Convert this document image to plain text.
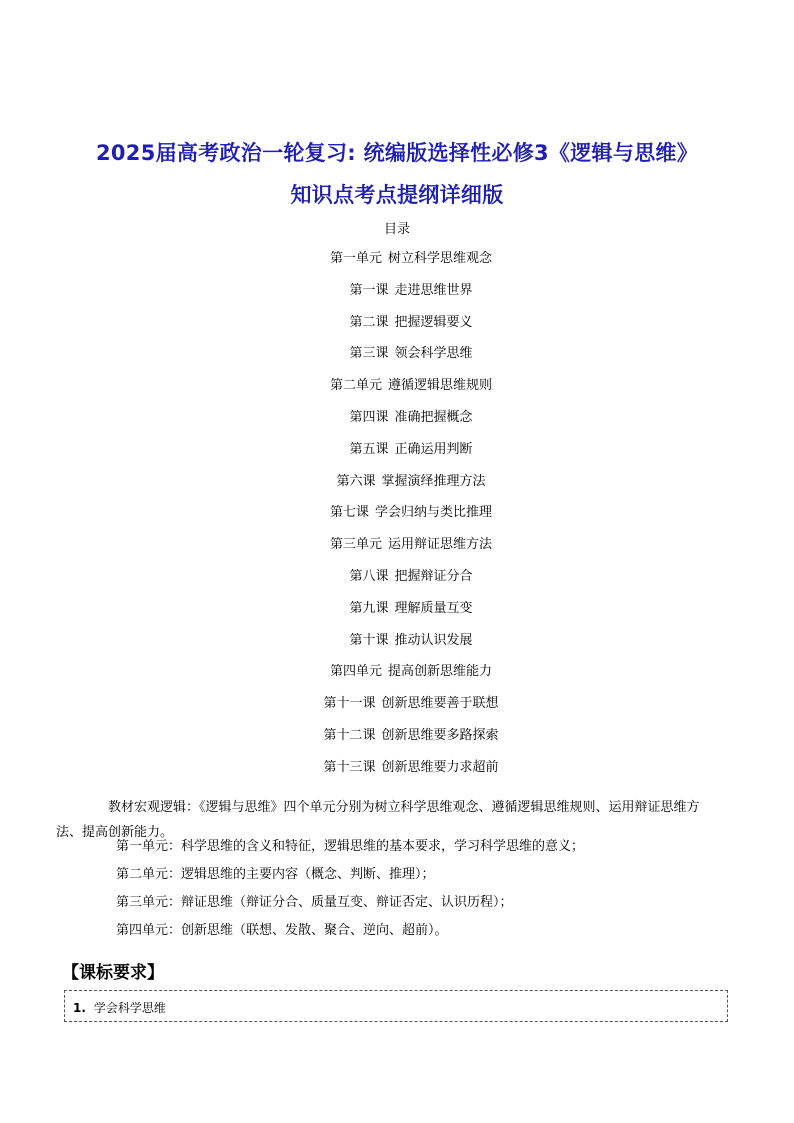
2025届高考政治一轮复习: 统编版选择性必修3《逻辑与思维》
知识点考点提纲详细版
目录
第一单元 树立科学思维观念
第一课 走进思维世界
第二课 把握逻辑要义
第三课 领会科学思维
第二单元 遵循逻辑思维规则
第四课 准确把握概念
第五课 正确运用判断
第六课 掌握演绎推理方法
第七课 学会归纳与类比推理
第三单元 运用辩证思维方法
第八课 把握辩证分合
第九课 理解质量互变
第十课 推动认识发展
第四单元 提高创新思维能力
第十一课 创新思维要善于联想
第十二课 创新思维要多路探索
第十三课 创新思维要力求超前

教材宏观逻辑：《逻辑与思维》四个单元分别为树立科学思维观念、遵循逻辑思维规则、运用辩证思维方法、提高创新能力。

第一单元：科学思维的含义和特征，逻辑思维的基本要求，学习科学思维的意义；
第二单元：逻辑思维的主要内容（概念、判断、推理）；
第三单元：辩证思维（辩证分合、质量互变、辩证否定、认识历程）；
第四单元：创新思维（联想、发散、聚合、逆向、超前）。
【课标要求】
1. 学会科学思维
